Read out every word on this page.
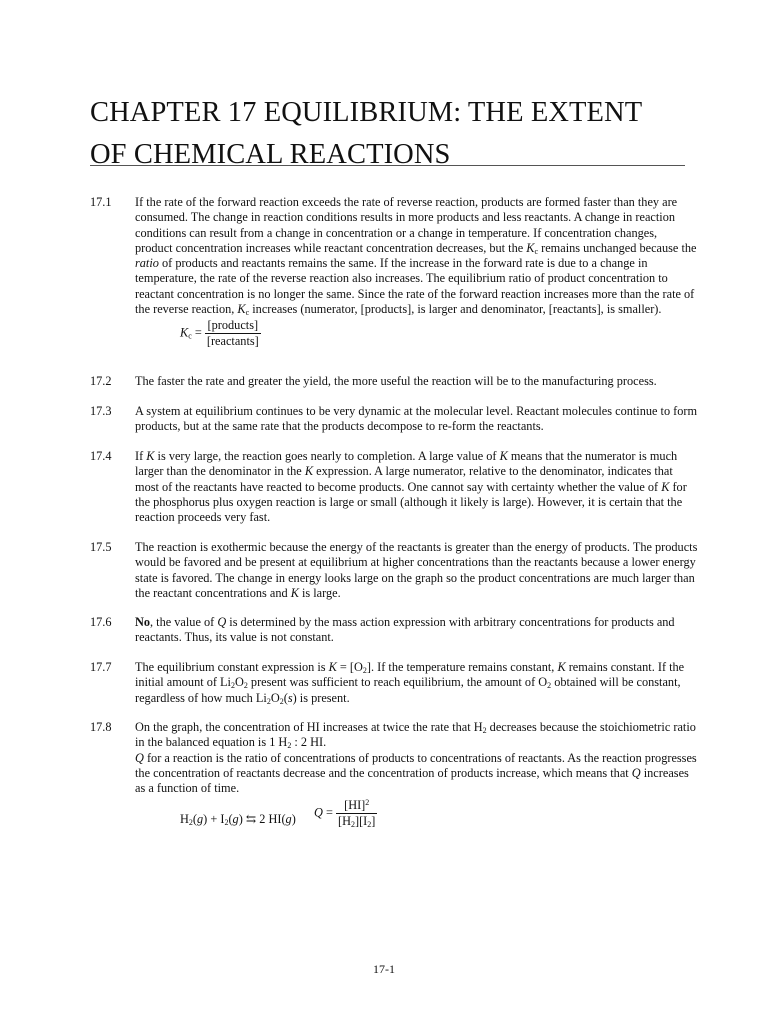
CHAPTER 17 EQUILIBRIUM: THE EXTENT
OF CHEMICAL REACTIONS
17.1 If the rate of the forward reaction exceeds the rate of reverse reaction, products are formed faster than they are
consumed. The change in reaction conditions results in more products and less reactants. A change in reaction
conditions can result from a change in concentration or a change in temperature. If concentration changes,
product concentration increases while reactant concentration decreases, but the $K_c$ remains unchanged because the
ratio of products and reactants remains the same. If the increase in the forward rate is due to a change in
temperature, the rate of the reverse reaction also increases. The equilibrium ratio of product concentration to
reactant concentration is no longer the same. Since the rate of the forward reaction increases more than the rate of
the reverse reaction, $K_c$ increases (numerator, [products], is larger and denominator, [reactants], is smaller).
$K_c = \frac{\text{[products]}}{\text{[reactants]}}$
17.2 The faster the rate and greater the yield, the more useful the reaction will be to the manufacturing process.
17.3 A system at equilibrium continues to be very dynamic at the molecular level. Reactant molecules continue to form
products, but at the same rate that the products decompose to re-form the reactants.
17.4 If K is very large, the reaction goes nearly to completion. A large value of K means that the numerator is much
larger than the denominator in the K expression. A large numerator, relative to the denominator, indicates that
most of the reactants have reacted to become products. One cannot say with certainty whether the value of K for
the phosphorus plus oxygen reaction is large or small (although it likely is large). However, it is certain that the
reaction proceeds very fast.
17.5 The reaction is exothermic because the energy of the reactants is greater than the energy of products. The products
would be favored and be present at equilibrium at higher concentrations than the reactants because a lower energy
state is favored. The change in energy looks large on the graph so the product concentrations are much larger than
the reactant concentrations and K is large.
17.6 No, the value of Q is determined by the mass action expression with arbitrary concentrations for products and
reactants. Thus, its value is not constant.
17.7 The equilibrium constant expression is $K = [O_2]$. If the temperature remains constant, K remains constant. If the
initial amount of $Li_2O_2$ present was sufficient to reach equilibrium, the amount of $O_2$ obtained will be constant,
regardless of how much $Li_2O_2(s)$ is present.
17.8 On the graph, the concentration of HI increases at twice the rate that $H_2$ decreases because the stoichiometric ratio
in the balanced equation is 1 $H_2$ : 2 HI.
Q for a reaction is the ratio of concentrations of products to concentrations of reactants. As the reaction progresses
the concentration of reactants decrease and the concentration of products increase, which means that Q increases
as a function of time.
$H_2(g) + I_2(g)$ ⇆ 2 HI(g) $Q = \frac{[HI]^2}{[H_2][I_2]}$
17-1
